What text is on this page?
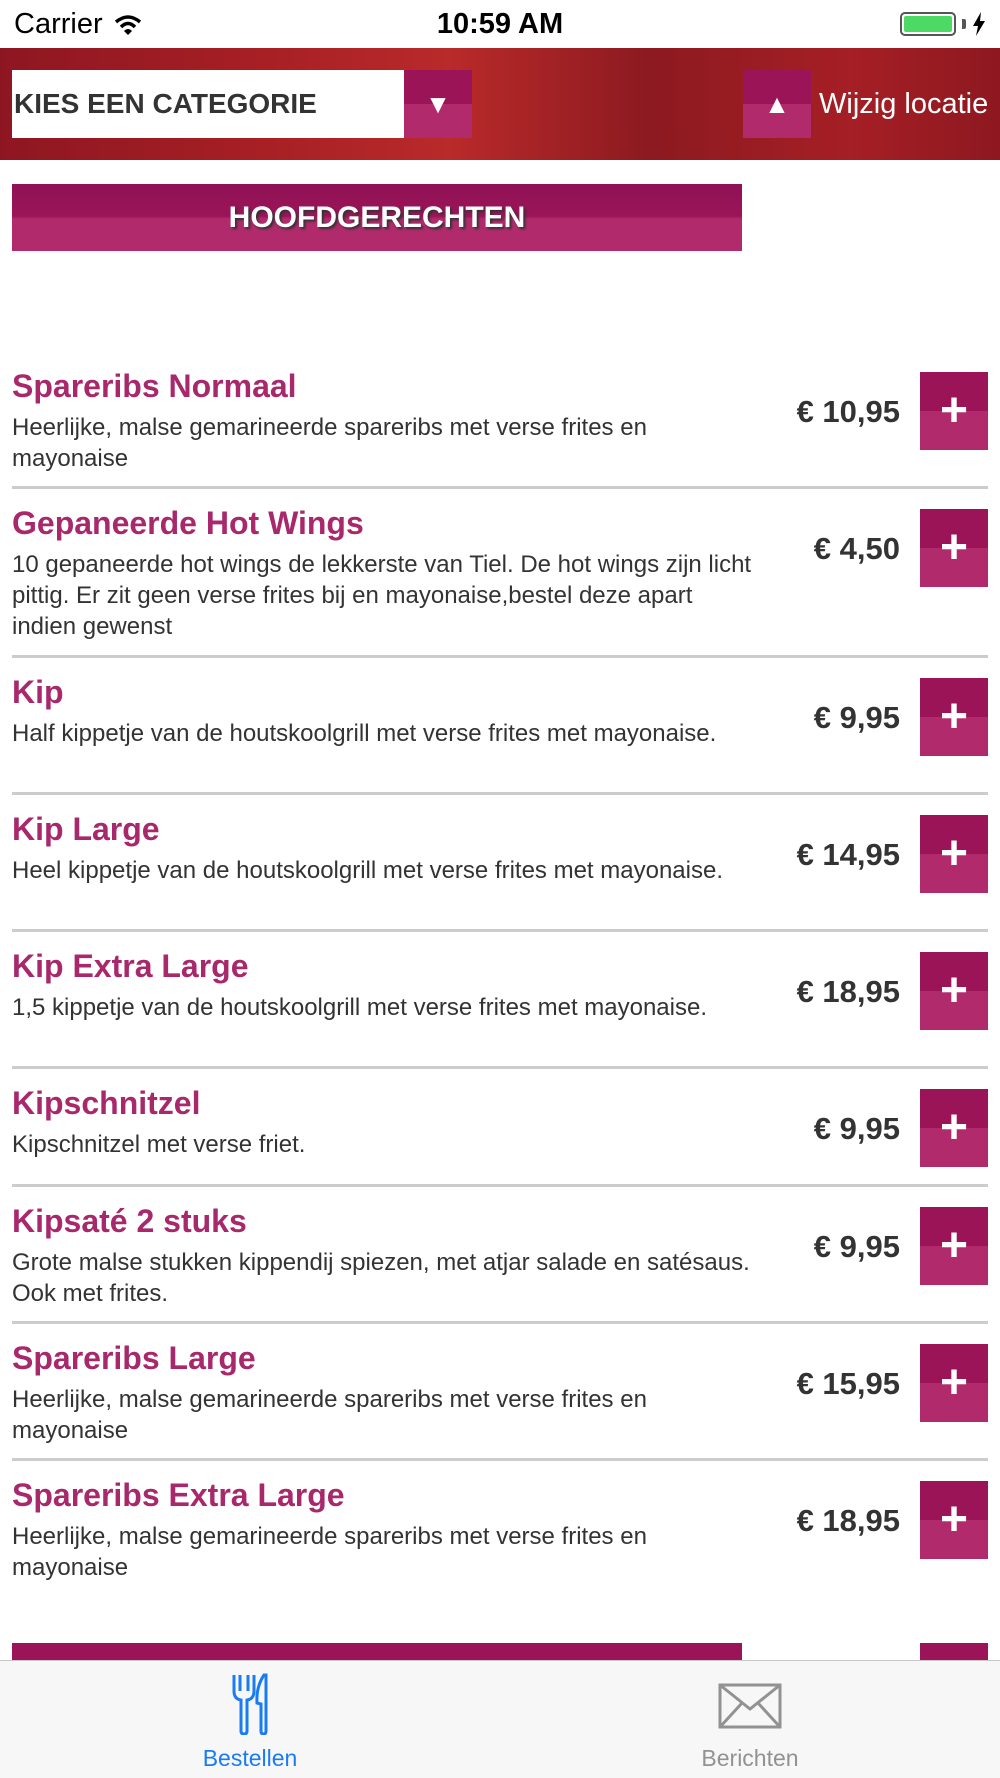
Carrier	10:59 AM
KIES EEN CATEGORIE	▼	▲	Wijzig locatie
HOOFDGERECHTEN
Spareribs Normaal
Heerlijke, malse gemarineerde spareribs met verse frites en mayonaise
€ 10,95 +
Gepaneerde Hot Wings
10 gepaneerde hot wings de lekkerste van Tiel. De hot wings zijn licht pittig. Er zit geen verse frites bij en mayonaise,bestel deze apart indien gewenst
€ 4,50 +
Kip
Half kippetje van de houtskoolgrill met verse frites met mayonaise.	€ 9,95 +
Kip Large
Heel kippetje van de houtskoolgrill met verse frites met mayonaise.	€ 14,95 +
Kip Extra Large
1,5 kippetje van de houtskoolgrill met verse frites met mayonaise.	€ 18,95 +
Kipschnitzel
Kipschnitzel met verse friet.	€ 9,95 +
Kipsaté 2 stuks
Grote malse stukken kippendij spiezen, met atjar salade en satésaus. Ook met frites.
€ 9,95 +
Spareribs Large
Heerlijke, malse gemarineerde spareribs met verse frites en mayonaise
€ 15,95 +
Spareribs Extra Large
Heerlijke, malse gemarineerde spareribs met verse frites en mayonaise
€ 18,95 +
Bestellen	Berichten
